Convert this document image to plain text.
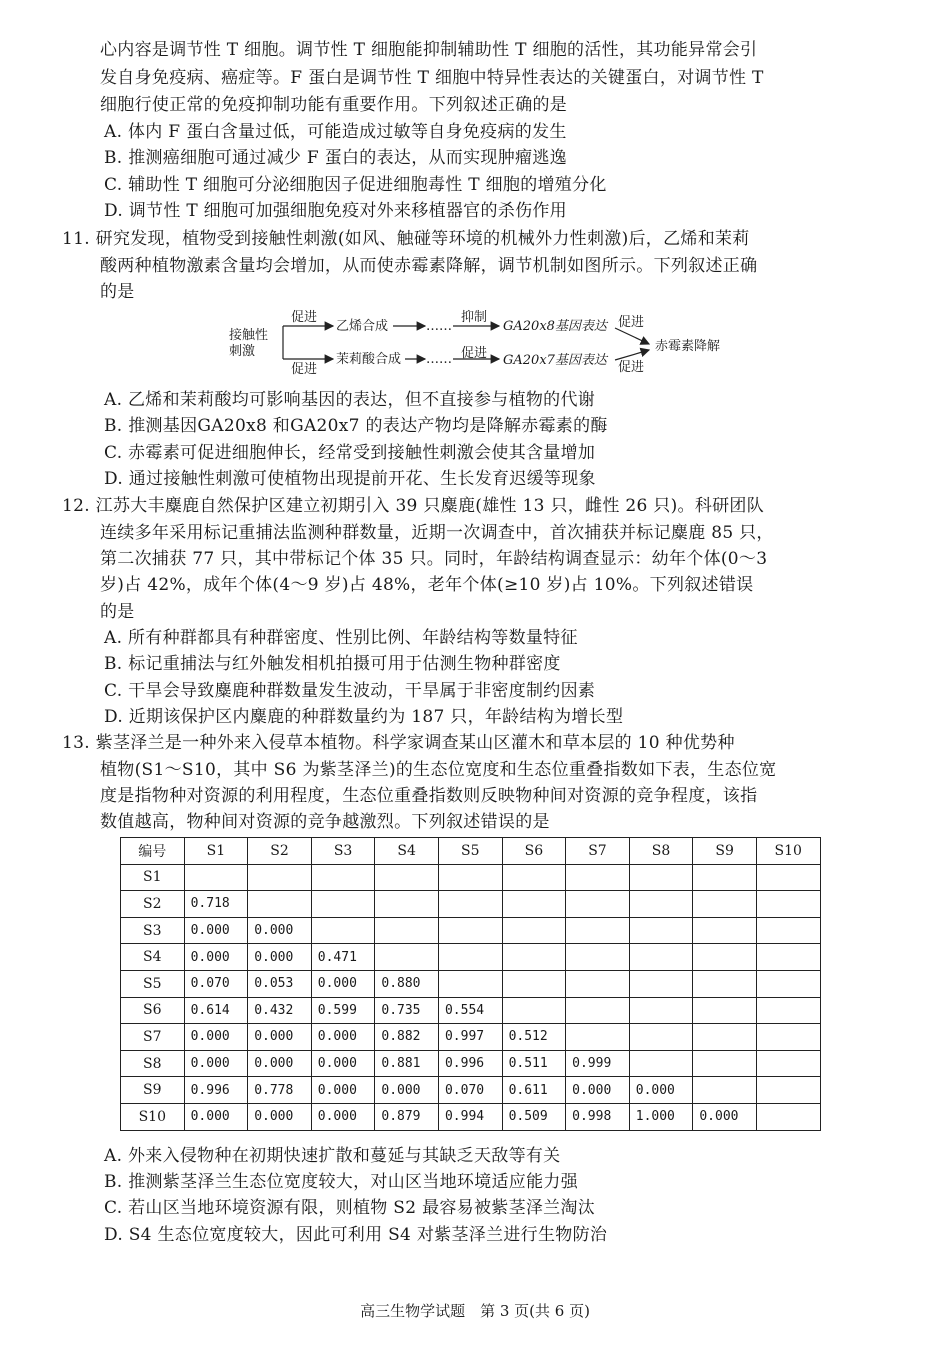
心内容是调节性 T 细胞。调节性 T 细胞能抑制辅助性 T 细胞的活性，其功能异常会引
发自身免疫病、癌症等。F 蛋白是调节性 T 细胞中特异性表达的关键蛋白，对调节性 T
细胞行使正常的免疫抑制功能有重要作用。下列叙述正确的是
A. 体内 F 蛋白含量过低，可能造成过敏等自身免疫病的发生
B. 推测癌细胞可通过减少 F 蛋白的表达，从而实现肿瘤逃逸
C. 辅助性 T 细胞可分泌细胞因子促进细胞毒性 T 细胞的增殖分化
D. 调节性 T 细胞可加强细胞免疫对外来移植器官的杀伤作用
11. 研究发现，植物受到接触性刺激(如风、触碰等环境的机械外力性刺激)后，乙烯和茉莉
酸两种植物激素含量均会增加，从而使赤霉素降解，调节机制如图所示。下列叙述正确
的是
接触性
刺激
促进
促进
乙烯合成
茉莉酸合成
……
……
抑制
促进
GA20x8基因表达
GA20x7基因表达
促进
促进
赤霉素降解
A. 乙烯和茉莉酸均可影响基因的表达，但不直接参与植物的代谢
B. 推测基因GA20x8 和GA20x7 的表达产物均是降解赤霉素的酶
C. 赤霉素可促进细胞伸长，经常受到接触性刺激会使其含量增加
D. 通过接触性刺激可使植物出现提前开花、生长发育迟缓等现象
12. 江苏大丰麋鹿自然保护区建立初期引入 39 只麋鹿(雄性 13 只，雌性 26 只)。科研团队
连续多年采用标记重捕法监测种群数量，近期一次调查中，首次捕获并标记麋鹿 85 只，
第二次捕获 77 只，其中带标记个体 35 只。同时，年龄结构调查显示：幼年个体(0～3
岁)占 42%，成年个体(4～9 岁)占 48%，老年个体(≥10 岁)占 10%。下列叙述错误
的是
A. 所有种群都具有种群密度、性别比例、年龄结构等数量特征
B. 标记重捕法与红外触发相机拍摄可用于估测生物种群密度
C. 干旱会导致麋鹿种群数量发生波动，干旱属于非密度制约因素
D. 近期该保护区内麋鹿的种群数量约为 187 只，年龄结构为增长型
13. 紫茎泽兰是一种外来入侵草本植物。科学家调查某山区灌木和草本层的 10 种优势种
植物(S1～S10，其中 S6 为紫茎泽兰)的生态位宽度和生态位重叠指数如下表，生态位宽
度是指物种对资源的利用程度，生态位重叠指数则反映物种间对资源的竞争程度，该指
数值越高，物种间对资源的竞争越激烈。下列叙述错误的是
编号	S1	S2	S3	S4	S5	S6	S7	S8	S9	S10
S1										
S2	0.718									
S3	0.000	0.000								
S4	0.000	0.000	0.471							
S5	0.070	0.053	0.000	0.880						
S6	0.614	0.432	0.599	0.735	0.554					
S7	0.000	0.000	0.000	0.882	0.997	0.512				
S8	0.000	0.000	0.000	0.881	0.996	0.511	0.999			
S9	0.996	0.778	0.000	0.000	0.070	0.611	0.000	0.000		
S10	0.000	0.000	0.000	0.879	0.994	0.509	0.998	1.000	0.000	
A. 外来入侵物种在初期快速扩散和蔓延与其缺乏天敌等有关
B. 推测紫茎泽兰生态位宽度较大，对山区当地环境适应能力强
C. 若山区当地环境资源有限，则植物 S2 最容易被紫茎泽兰淘汰
D. S4 生态位宽度较大，因此可利用 S4 对紫茎泽兰进行生物防治
高三生物学试题　第 3 页(共 6 页)
